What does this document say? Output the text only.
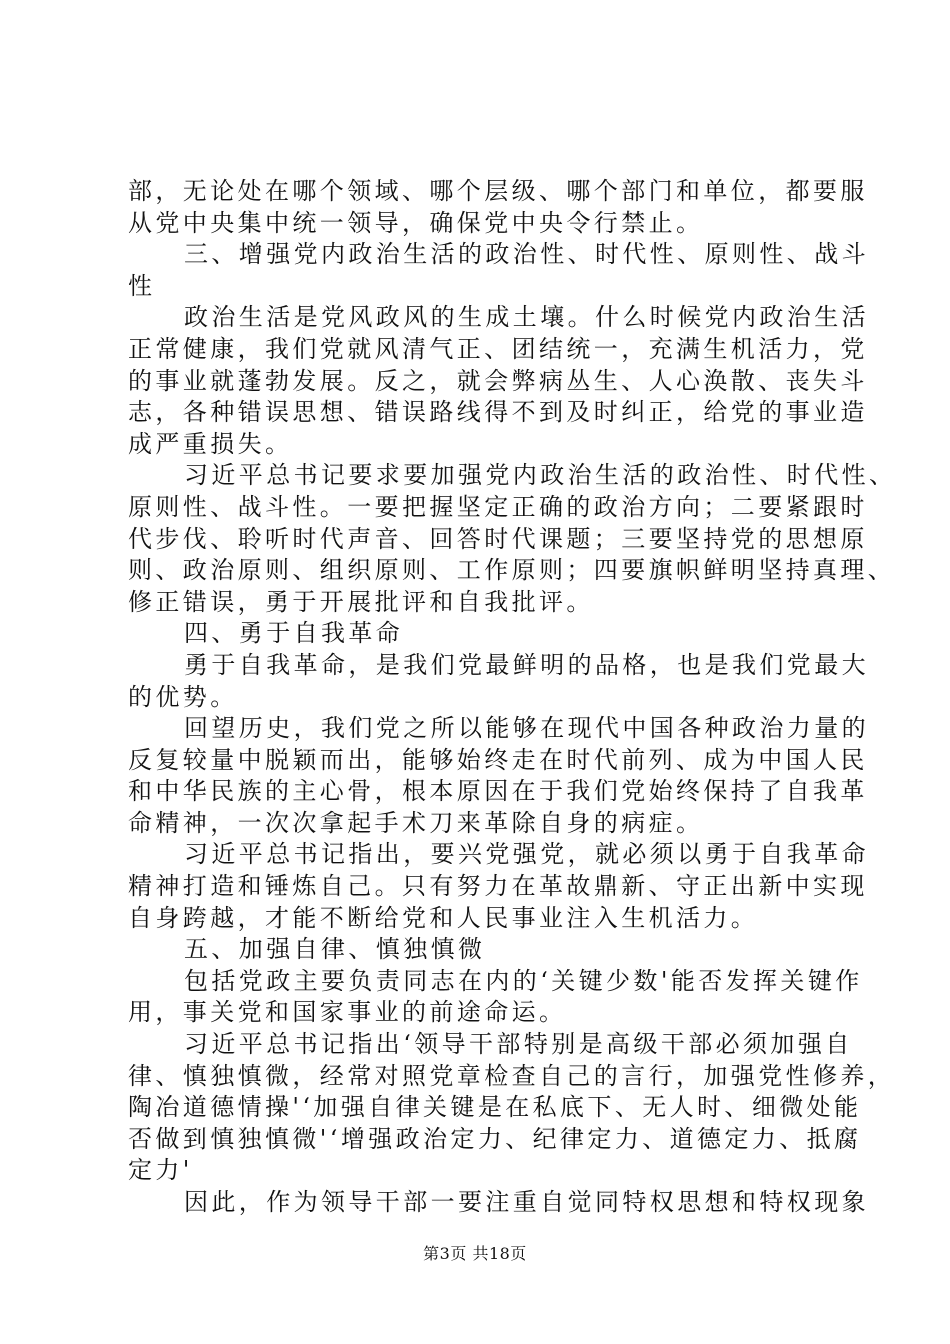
部，无论处在哪个领域、哪个层级、哪个部门和单位，都要服
从党中央集中统一领导，确保党中央令行禁止。
三、增强党内政治生活的政治性、时代性、原则性、战斗
性
政治生活是党风政风的生成土壤。什么时候党内政治生活
正常健康，我们党就风清气正、团结统一，充满生机活力，党
的事业就蓬勃发展。反之，就会弊病丛生、人心涣散、丧失斗
志，各种错误思想、错误路线得不到及时纠正，给党的事业造
成严重损失。
习近平总书记要求要加强党内政治生活的政治性、时代性、
原则性、战斗性。一要把握坚定正确的政治方向；二要紧跟时
代步伐、聆听时代声音、回答时代课题；三要坚持党的思想原
则、政治原则、组织原则、工作原则；四要旗帜鲜明坚持真理、
修正错误，勇于开展批评和自我批评。
四、勇于自我革命
勇于自我革命，是我们党最鲜明的品格，也是我们党最大
的优势。
回望历史，我们党之所以能够在现代中国各种政治力量的
反复较量中脱颖而出，能够始终走在时代前列、成为中国人民
和中华民族的主心骨，根本原因在于我们党始终保持了自我革
命精神，一次次拿起手术刀来革除自身的病症。
习近平总书记指出，要兴党强党，就必须以勇于自我革命
精神打造和锤炼自己。只有努力在革故鼎新、守正出新中实现
自身跨越，才能不断给党和人民事业注入生机活力。
五、加强自律、慎独慎微
包括党政主要负责同志在内的‘关键少数'能否发挥关键作
用，事关党和国家事业的前途命运。
习近平总书记指出‘领导干部特别是高级干部必须加强自
律、慎独慎微，经常对照党章检查自己的言行，加强党性修养，
陶冶道德情操'‘加强自律关键是在私底下、无人时、细微处能
否做到慎独慎微'‘增强政治定力、纪律定力、道德定力、抵腐
定力'
因此，作为领导干部一要注重自觉同特权思想和特权现象
第3页 共18页
